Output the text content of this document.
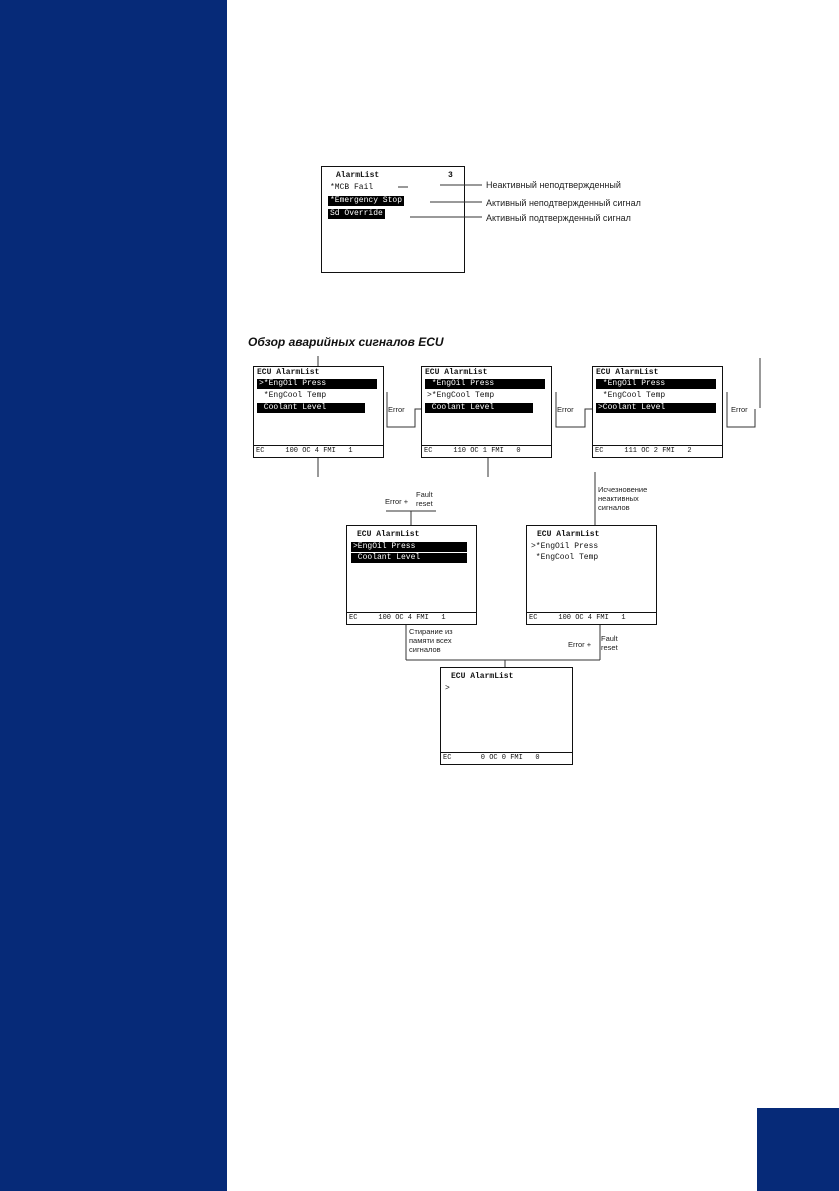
AlarmList	3
*MCB Fail
*Emergency Stop
Sd Override
Неактивный неподтвержденный
Активный неподтвержденный сигнал
Активный подтвержденный сигнал
Обзор аварийных сигналов ECU
ECU AlarmList
>*EngOil Press
*EngCool Temp
Coolant Level
EC     100 OC 4 FMI   1
ECU AlarmList
*EngOil Press
>*EngCool Temp
Coolant Level
EC     110 OC 1 FMI   0
ECU AlarmList
*EngOil Press
*EngCool Temp
>Coolant Level
EC     111 OC 2 FMI   2
ECU AlarmList
>EngOil Press
Coolant Level
EC     100 OC 4 FMI   1
ECU AlarmList
>*EngOil Press
*EngCool Temp
EC     100 OC 4 FMI   1
ECU AlarmList
>
EC       0 OC 0 FMI   0
Error	Error	Error
Error +
Fault
reset
Исчезновение
неактивных
сигналов
Стирание из
памяти всех
сигналов
Error +
Fault
reset
